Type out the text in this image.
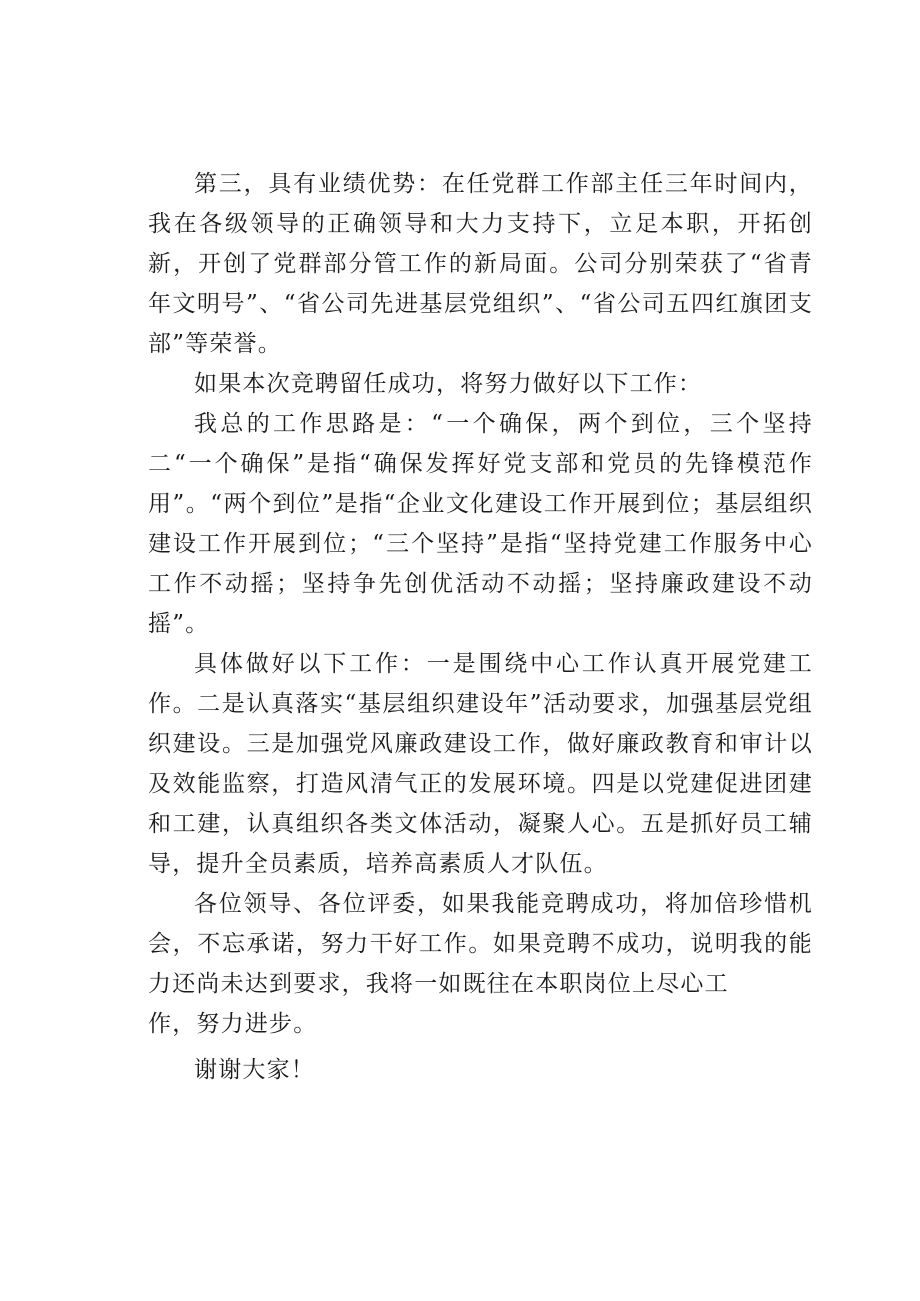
第三，具有业绩优势：在任党群工作部主任三年时间内，我在各级领导的正确领导和大力支持下，立足本职，开拓创新，开创了党群部分管工作的新局面。公司分别荣获了“省青年文明号”、“省公司先进基层党组织”、“省公司五四红旗团支部”等荣誉。

如果本次竞聘留任成功，将努力做好以下工作：

我总的工作思路是：“一个确保，两个到位，三个坚持二“一个确保”是指“确保发挥好党支部和党员的先锋模范作用”。“两个到位”是指“企业文化建设工作开展到位；基层组织建设工作开展到位；“三个坚持”是指“坚持党建工作服务中心工作不动摇；坚持争先创优活动不动摇；坚持廉政建设不动摇”。

具体做好以下工作：一是围绕中心工作认真开展党建工作。二是认真落实“基层组织建设年”活动要求，加强基层党组织建设。三是加强党风廉政建设工作，做好廉政教育和审计以及效能监察，打造风清气正的发展环境。四是以党建促进团建和工建，认真组织各类文体活动，凝聚人心。五是抓好员工辅导，提升全员素质，培养高素质人才队伍。

各位领导、各位评委，如果我能竞聘成功，将加倍珍惜机会，不忘承诺，努力干好工作。如果竞聘不成功，说明我的能力还尚未达到要求，我将一如既往在本职岗位上尽心工

作，努力进步。

谢谢大家！
